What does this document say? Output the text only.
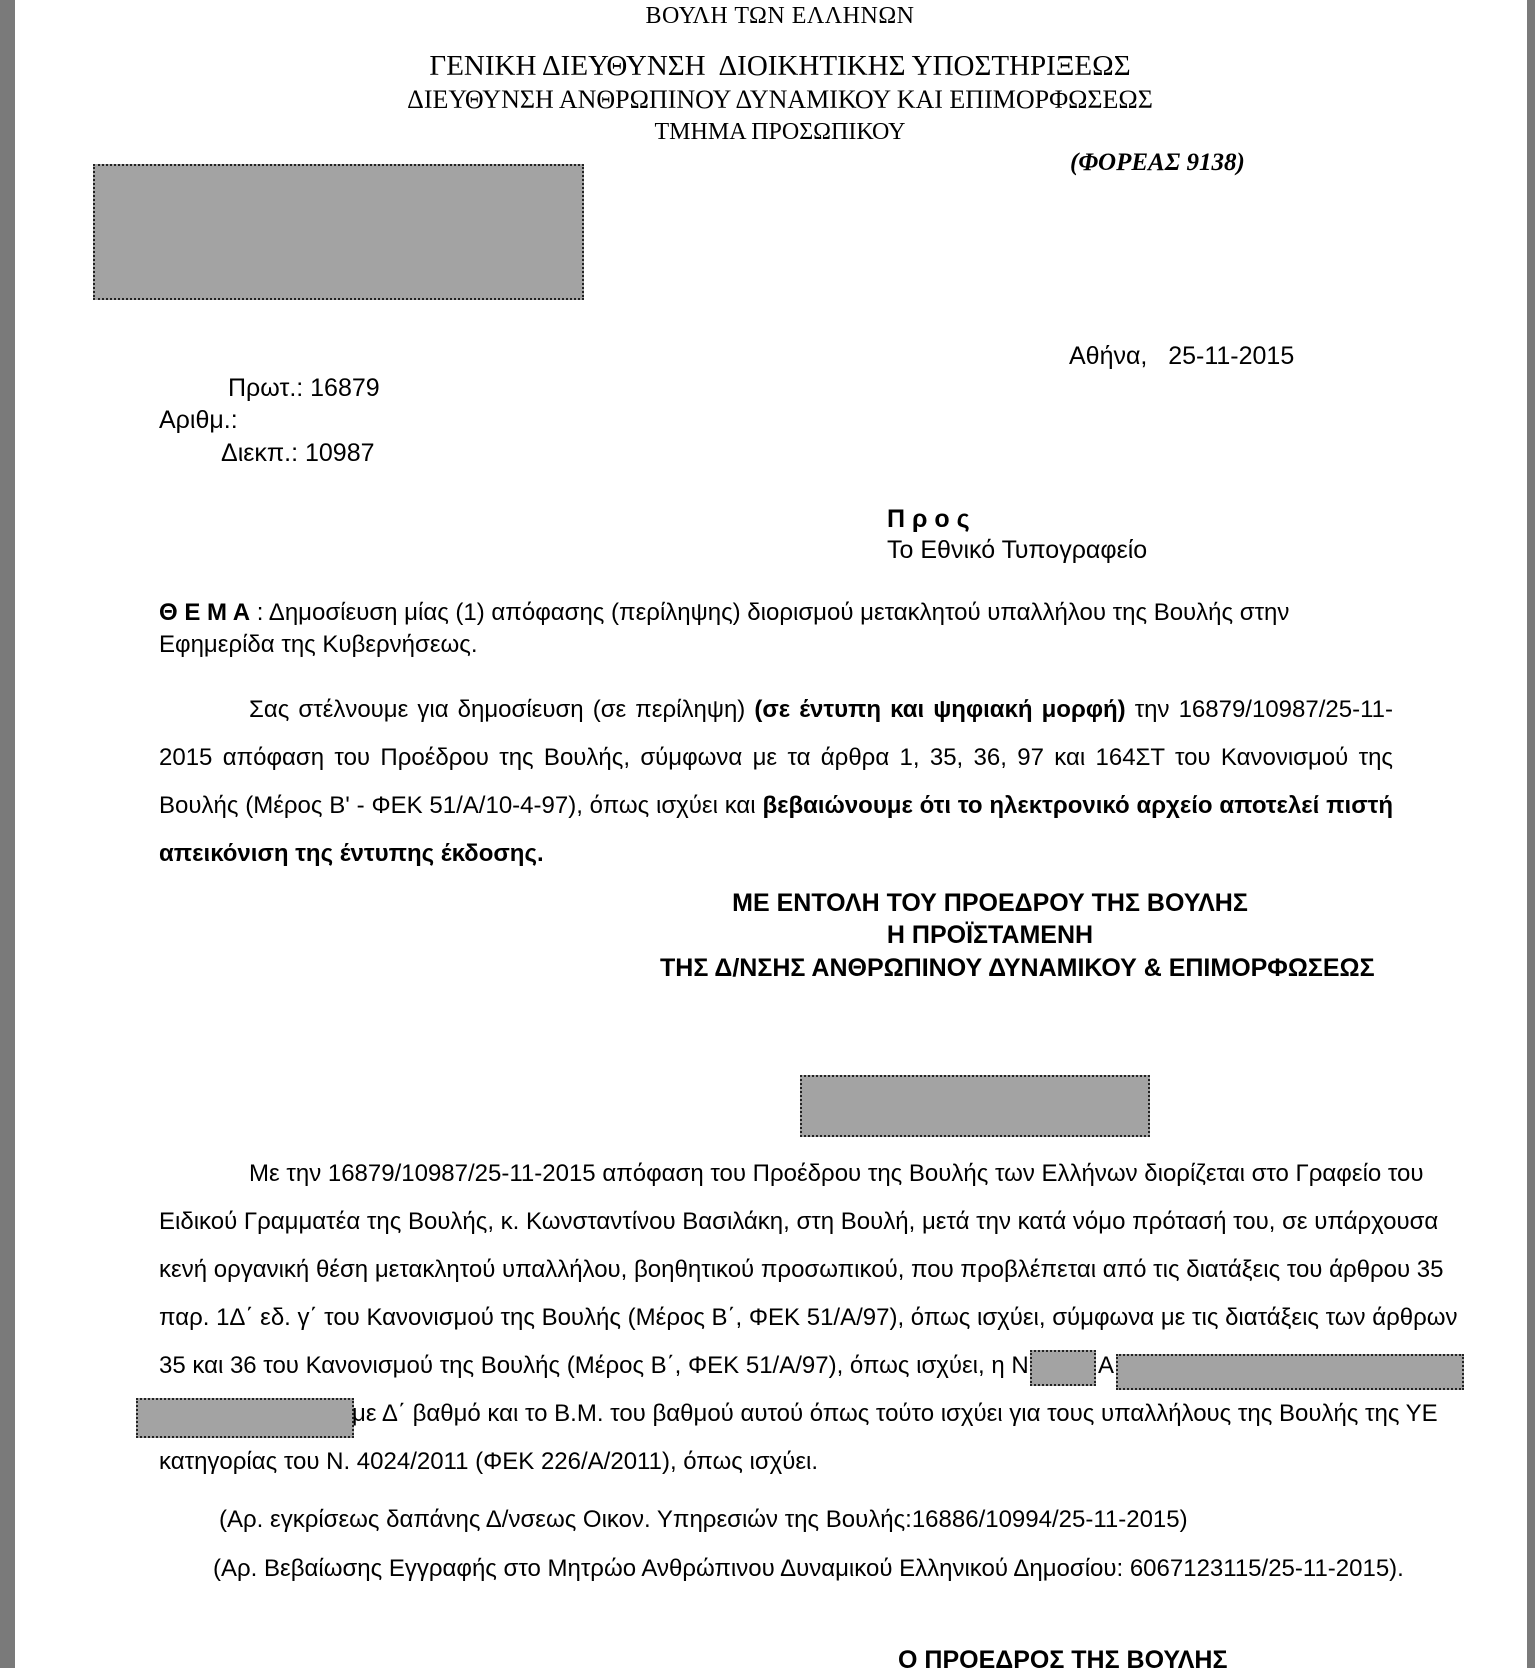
ΒΟΥΛΗ ΤΩΝ ΕΛΛΗΝΩΝ
ΓΕΝΙΚΗ ΔΙΕΥΘΥΝΣΗ  ΔΙΟΙΚΗΤΙΚΗΣ ΥΠΟΣΤΗΡΙΞΕΩΣ
ΔΙΕΥΘΥΝΣΗ ΑΝΘΡΩΠΙΝΟΥ ΔΥΝΑΜΙΚΟΥ ΚΑΙ ΕΠΙΜΟΡΦΩΣΕΩΣ
ΤΜΗΜΑ ΠΡΟΣΩΠΙΚΟΥ
(ΦΟΡΕΑΣ 9138)
Αθήνα,   25-11-2015
Πρωτ.: 16879
Αριθμ.:
Διεκπ.: 10987
Π ρ ο ς
Το Εθνικό Τυπογραφείο
Θ Ε Μ Α : Δημοσίευση μίας (1) απόφασης (περίληψης) διορισμού μετακλητού υπαλλήλου της Βουλής στην Εφημερίδα της Κυβερνήσεως.
Σας στέλνουμε για δημοσίευση (σε περίληψη) (σε έντυπη και ψηφιακή μορφή) την 16879/10987/25-11-2015 απόφαση του Προέδρου της Βουλής, σύμφωνα με τα άρθρα 1, 35, 36, 97 και 164ΣΤ του Κανονισμού της Βουλής (Μέρος Β' - ΦΕΚ 51/Α/10-4-97), όπως ισχύει και βεβαιώνουμε ότι το ηλεκτρονικό αρχείο αποτελεί πιστή απεικόνιση της έντυπης έκδοσης.
ΜΕ ΕΝΤΟΛΗ ΤΟΥ ΠΡΟΕΔΡΟΥ ΤΗΣ ΒΟΥΛΗΣ
Η ΠΡΟΪΣΤΑΜΕΝΗ
ΤΗΣ Δ/ΝΣΗΣ ΑΝΘΡΩΠΙΝΟΥ ΔΥΝΑΜΙΚΟΥ & ΕΠΙΜΟΡΦΩΣΕΩΣ
Με την 16879/10987/25-11-2015 απόφαση του Προέδρου της Βουλής των Ελλήνων διορίζεται στο Γραφείο του
Ειδικού Γραμματέα της Βουλής, κ. Κωνσταντίνου Βασιλάκη, στη Βουλή, μετά την κατά νόμο πρότασή του, σε υπάρχουσα
κενή οργανική θέση μετακλητού υπαλλήλου, βοηθητικού προσωπικού, που προβλέπεται από τις διατάξεις του άρθρου 35
παρ. 1Δ΄ εδ. γ΄ του Κανονισμού της Βουλής (Μέρος Β΄, ΦΕΚ 51/Α/97), όπως ισχύει, σύμφωνα με τις διατάξεις των άρθρων
35 και 36 του Κανονισμού της Βουλής (Μέρος Β΄, ΦΕΚ 51/Α/97), όπως ισχύει, η Ν	Α
με Δ΄ βαθμό και το Β.Μ. του βαθμού αυτού όπως τούτο ισχύει για τους υπαλλήλους της Βουλής της ΥΕ
κατηγορίας του Ν. 4024/2011 (ΦΕΚ 226/Α/2011), όπως ισχύει.
(Αρ. εγκρίσεως δαπάνης Δ/νσεως Οικον. Υπηρεσιών της Βουλής:16886/10994/25-11-2015)
(Αρ. Βεβαίωσης Εγγραφής στο Μητρώο Ανθρώπινου Δυναμικού Ελληνικού Δημοσίου: 6067123115/25-11-2015).
Ο ΠΡΟΕΔΡΟΣ ΤΗΣ ΒΟΥΛΗΣ
